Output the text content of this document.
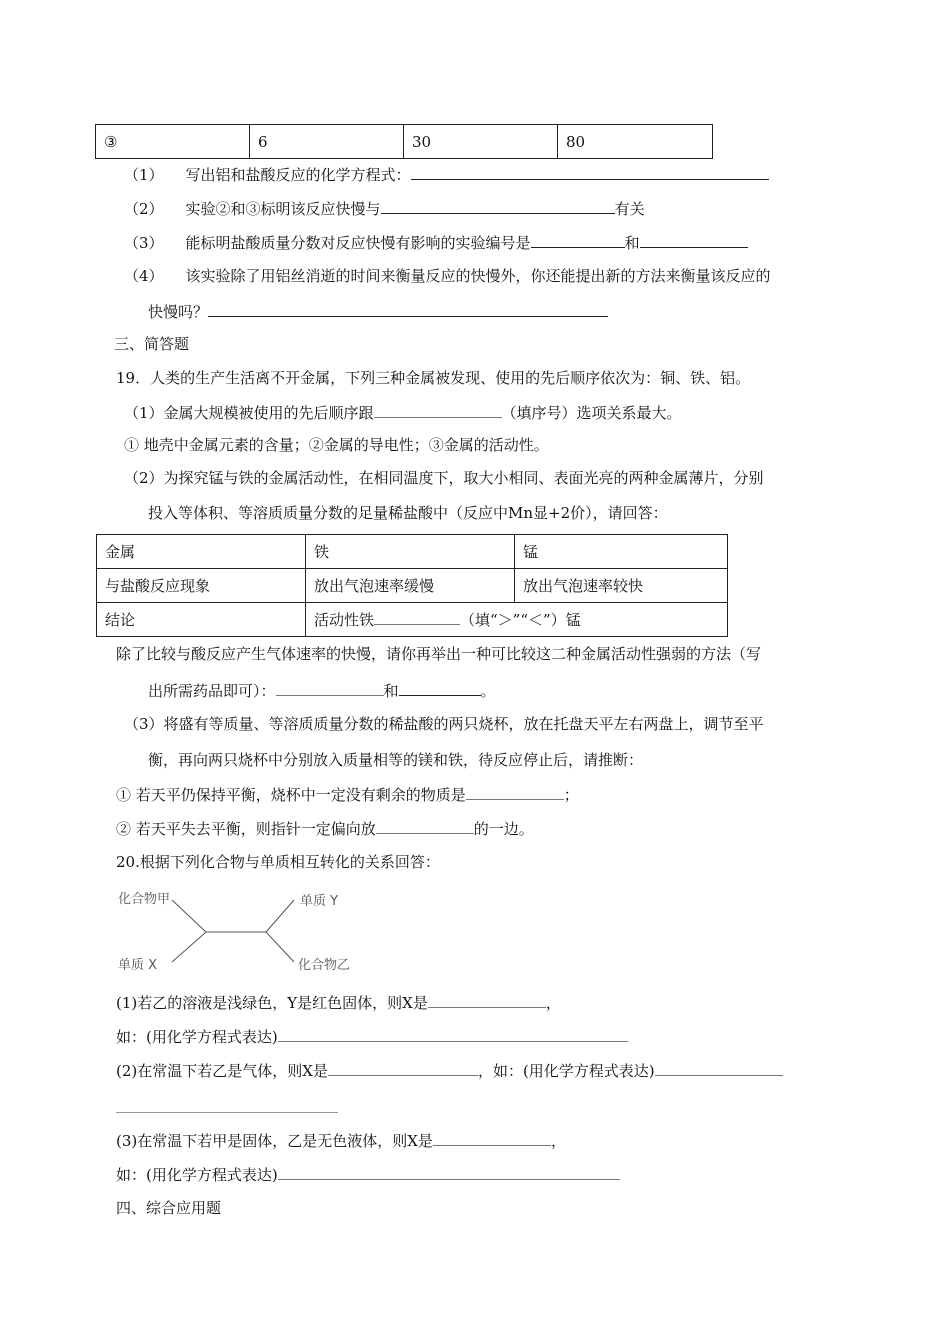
③	6	30	80
（1） 写出铝和盐酸反应的化学方程式：
（2） 实验②和③标明该反应快慢与	有关
（3） 能标明盐酸质量分数对反应快慢有影响的实验编号是	和
（4） 该实验除了用铝丝消逝的时间来衡量反应的快慢外，你还能提出新的方法来衡量该反应的
快慢吗？
三、简答题
19．人类的生产生活离不开金属，下列三种金属被发现、使用的先后顺序依次为：铜、铁、铝。
（1）金属大规模被使用的先后顺序跟	（填序号）选项关系最大。
① 地壳中金属元素的含量；②金属的导电性；③金属的活动性。
（2）为探究锰与铁的金属活动性，在相同温度下，取大小相同、表面光亮的两种金属薄片，分别
投入等体积、等溶质质量分数的足量稀盐酸中（反应中Mn显+2价），请回答：
金属	铁	锰
与盐酸反应现象	放出气泡速率缓慢	放出气泡速率较快
结论	活动性铁 （填“＞”“＜”）锰	
除了比较与酸反应产生气体速率的快慢，请你再举出一种可比较这二种金属活动性强弱的方法（写
出所需药品即可）：	和	。
（3）将盛有等质量、等溶质质量分数的稀盐酸的两只烧杯，放在托盘天平左右两盘上，调节至平
衡，再向两只烧杯中分别放入质量相等的镁和铁，待反应停止后，请推断：
① 若天平仍保持平衡，烧杯中一定没有剩余的物质是	；
② 若天平失去平衡，则指针一定偏向放	的一边。
20.根据下列化合物与单质相互转化的关系回答：
化合物甲	单质 Y
单质 X	化合物乙
(1)若乙的溶液是浅绿色，Y是红色固体，则X是	，
如：(用化学方程式表达)
(2)在常温下若乙是气体，则X是	，如：(用化学方程式表达)
(3)在常温下若甲是固体，乙是无色液体，则X是	，
如：(用化学方程式表达)
四、综合应用题
